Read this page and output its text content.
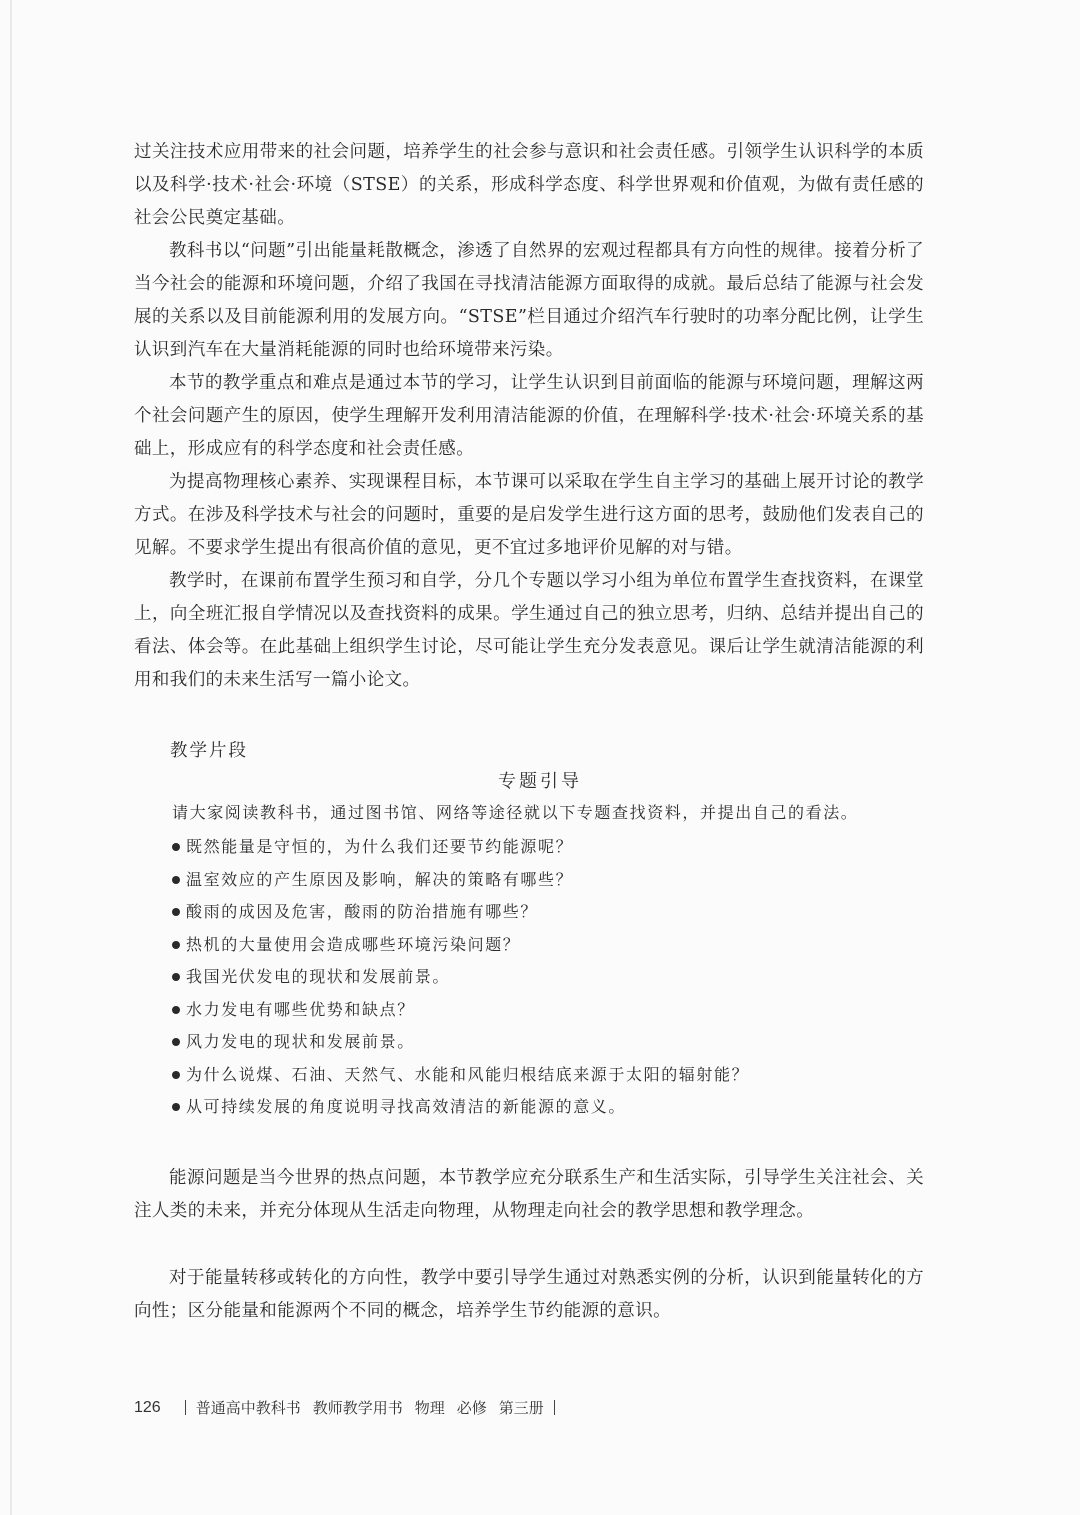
过关注技术应用带来的社会问题，培养学生的社会参与意识和社会责任感。引领学生认识科学的本质以及科学·技术·社会·环境（STSE）的关系，形成科学态度、科学世界观和价值观，为做有责任感的社会公民奠定基础。

教科书以“问题”引出能量耗散概念，渗透了自然界的宏观过程都具有方向性的规律。接着分析了当今社会的能源和环境问题，介绍了我国在寻找清洁能源方面取得的成就。最后总结了能源与社会发展的关系以及目前能源利用的发展方向。“STSE”栏目通过介绍汽车行驶时的功率分配比例，让学生认识到汽车在大量消耗能源的同时也给环境带来污染。

本节的教学重点和难点是通过本节的学习，让学生认识到目前面临的能源与环境问题，理解这两个社会问题产生的原因，使学生理解开发利用清洁能源的价值，在理解科学·技术·社会·环境关系的基础上，形成应有的科学态度和社会责任感。

为提高物理核心素养、实现课程目标，本节课可以采取在学生自主学习的基础上展开讨论的教学方式。在涉及科学技术与社会的问题时，重要的是启发学生进行这方面的思考，鼓励他们发表自己的见解。不要求学生提出有很高价值的意见，更不宜过多地评价见解的对与错。

教学时，在课前布置学生预习和自学，分几个专题以学习小组为单位布置学生查找资料，在课堂上，向全班汇报自学情况以及查找资料的成果。学生通过自己的独立思考，归纳、总结并提出自己的看法、体会等。在此基础上组织学生讨论，尽可能让学生充分发表意见。课后让学生就清洁能源的利用和我们的未来生活写一篇小论文。

教学片段

专题引导

请大家阅读教科书，通过图书馆、网络等途径就以下专题查找资料，并提出自己的看法。

既然能量是守恒的，为什么我们还要节约能源呢？
温室效应的产生原因及影响，解决的策略有哪些？
酸雨的成因及危害，酸雨的防治措施有哪些？
热机的大量使用会造成哪些环境污染问题？
我国光伏发电的现状和发展前景。
水力发电有哪些优势和缺点？
风力发电的现状和发展前景。
为什么说煤、石油、天然气、水能和风能归根结底来源于太阳的辐射能？
从可持续发展的角度说明寻找高效清洁的新能源的意义。

能源问题是当今世界的热点问题，本节教学应充分联系生产和生活实际，引导学生关注社会、关注人类的未来，并充分体现从生活走向物理，从物理走向社会的教学思想和教学理念。

对于能量转移或转化的方向性，教学中要引导学生通过对熟悉实例的分析，认识到能量转化的方向性；区分能量和能源两个不同的概念，培养学生节约能源的意识。

126 普通高中教科书 教师教学用书 物理 必修 第三册
